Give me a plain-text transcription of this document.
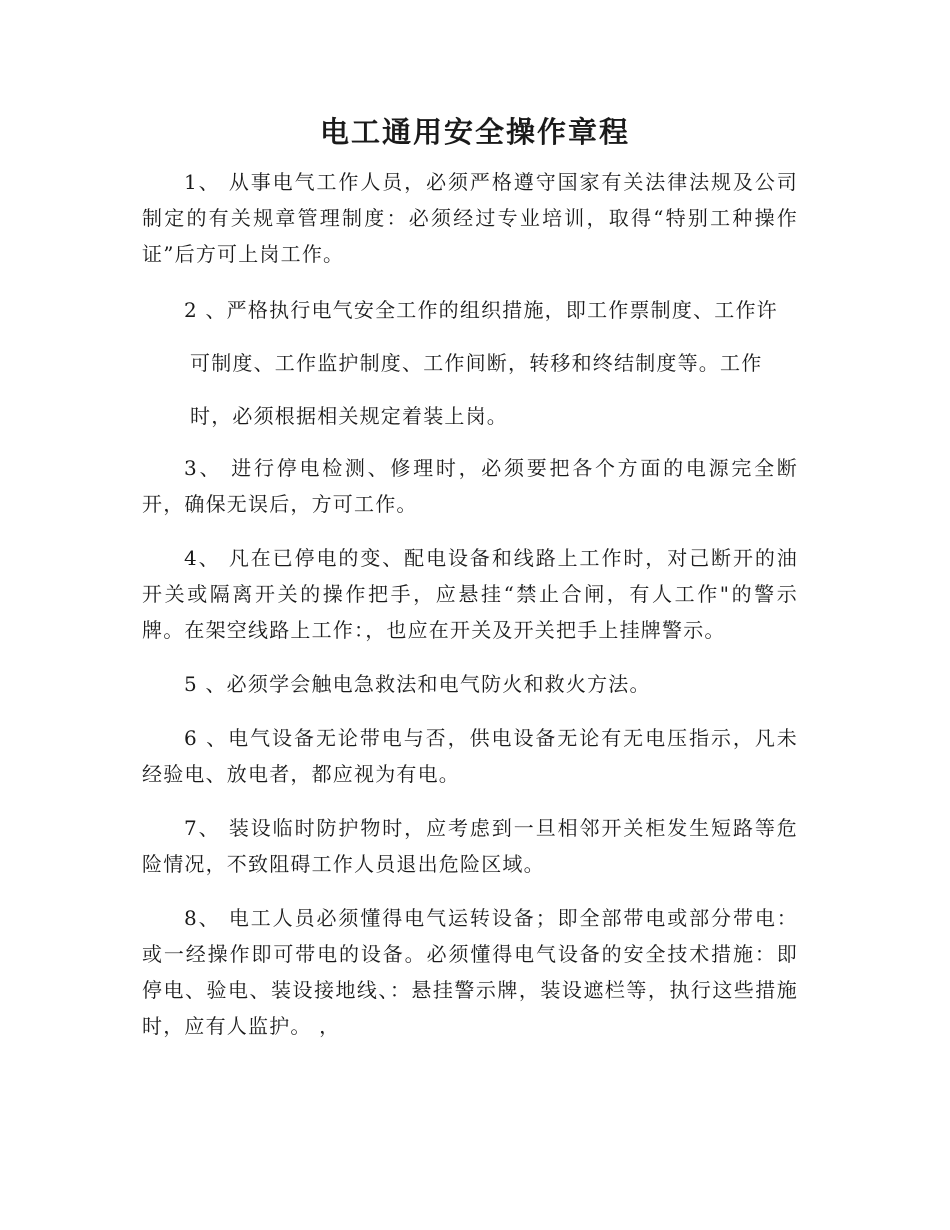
电工通用安全操作章程

1、 从事电气工作人员，必须严格遵守国家有关法律法规及公司制定的有关规章管理制度：必须经过专业培训，取得“特别工种操作证”后方可上岗工作。

2 、严格执行电气安全工作的组织措施，即工作票制度、工作许
可制度、工作监护制度、工作间断，转移和终结制度等。工作
时，必须根据相关规定着装上岗。

3、 进行停电检测、修理时，必须要把各个方面的电源完全断开，确保无误后，方可工作。

4、 凡在已停电的变、配电设备和线路上工作时，对己断开的油开关或隔离开关的操作把手，应悬挂“禁止合闸，有人工作"的警示牌。在架空线路上工作：，也应在开关及开关把手上挂牌警示。

5 、必须学会触电急救法和电气防火和救火方法。

6 、电气设备无论带电与否，供电设备无论有无电压指示，凡未经验电、放电者，都应视为有电。

7、 装设临时防护物时，应考虑到一旦相邻开关柜发生短路等危险情况，不致阻碍工作人员退出危险区域。

8、 电工人员必须懂得电气运转设备；即全部带电或部分带电：或一经操作即可带电的设备。必须懂得电气设备的安全技术措施：即停电、验电、装设接地线、：悬挂警示牌，装设遮栏等，执行这些措施时，应有人监护。 ，
